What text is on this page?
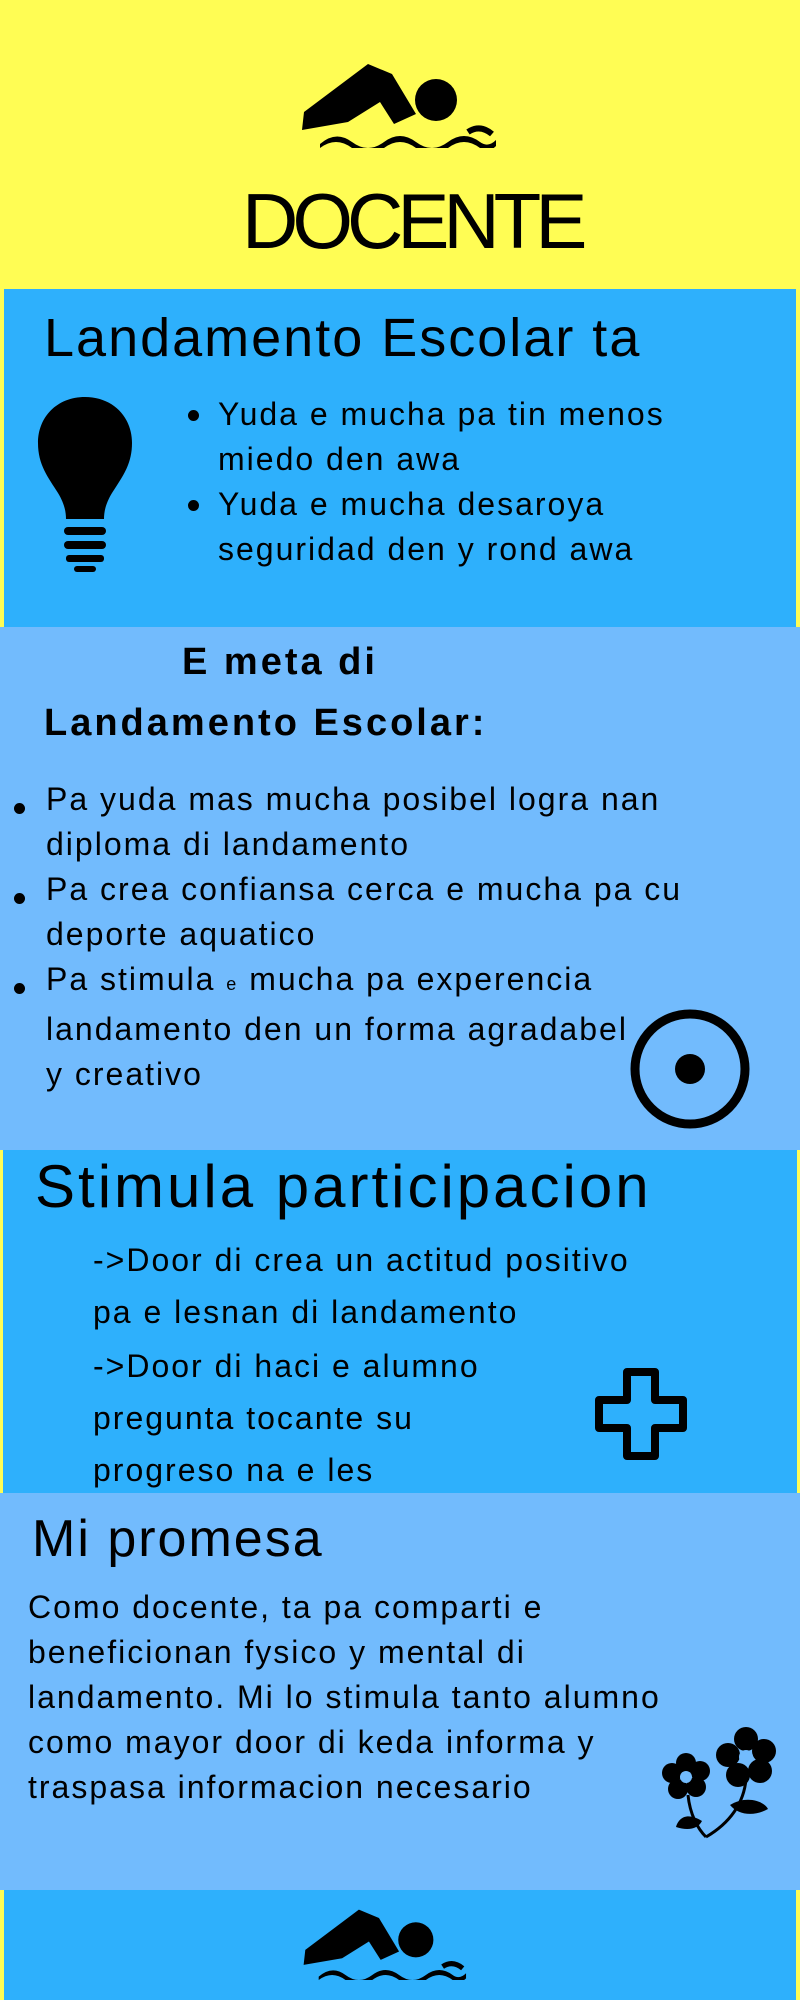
DOCENTE
Landamento Escolar ta
Yuda e mucha pa tin menos miedo den awa
Yuda e mucha desaroya seguridad den y rond awa
E meta di
Landamento Escolar:
Pa yuda mas mucha posibel logra nan diploma di landamento
Pa crea confiansa cerca e mucha pa cu deporte aquatico
Pa stimula e mucha pa experencia landamento den un forma agradabel y creativo
Stimula participacion
->Door di crea un actitud positivo
pa e lesnan di landamento
->Door di haci e alumno
pregunta tocante su
progreso na e les
Mi promesa
Como docente, ta pa comparti e beneficionan fysico y mental di landamento. Mi lo stimula tanto alumno como mayor door di keda informa y traspasa informacion necesario
